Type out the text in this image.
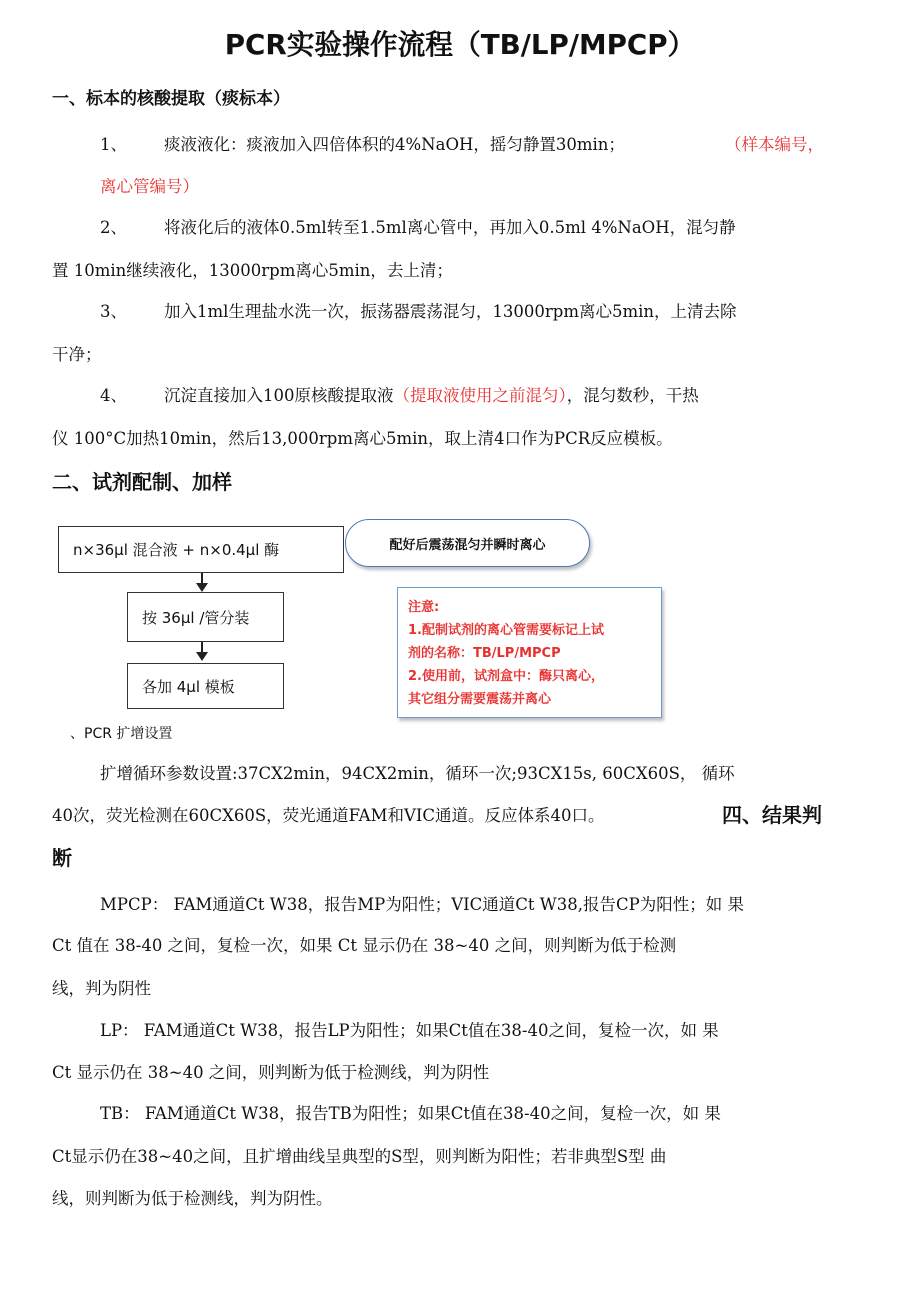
PCR实验操作流程（TB/LP/MPCP）
一、标本的核酸提取（痰标本）
1、 痰液液化：痰液加入四倍体积的4%NaOH，摇匀静置30min；	（样本编号，
离心管编号）
2、 将液化后的液体0.5ml转至1.5ml离心管中，再加入0.5ml 4%NaOH，混匀静
置 10min继续液化，13000rpm离心5min，去上清；
3、 加入1ml生理盐水洗一次，振荡器震荡混匀，13000rpm离心5min，上清去除
干净；
4、 沉淀直接加入100原核酸提取液（提取液使用之前混匀），混匀数秒，干热
仪 100°C加热10min，然后13,000rpm离心5min，取上清4口作为PCR反应模板。
二、试剂配制、加样
n×36μl 混合液 + n×0.4μl 酶	配好后震荡混匀并瞬时离心
按 36μl /管分装
各加 4μl 模板
注意:
1.配制试剂的离心管需要标记上试
剂的名称：TB/LP/MPCP
2.使用前，试剂盒中：酶只离心，
其它组分需要震荡并离心
、PCR 扩增设置
扩增循环参数设置:37CX2min，94CX2min，循环一次;93CX15s, 60CX60S， 循环
40次，荧光检测在60CX60S，荧光通道FAM和VIC通道。反应体系40口。	四、结果判
断
MPCP： FAM通道Ct W38，报告MP为阳性；VIC通道Ct W38,报告CP为阳性；如 果
Ct 值在 38-40 之间，复检一次，如果 Ct 显示仍在 38~40 之间，则判断为低于检测
线，判为阴性
LP： FAM通道Ct W38，报告LP为阳性；如果Ct值在38-40之间，复检一次，如 果
Ct 显示仍在 38~40 之间，则判断为低于检测线，判为阴性
TB： FAM通道Ct W38，报告TB为阳性；如果Ct值在38-40之间，复检一次，如 果
Ct显示仍在38~40之间，且扩增曲线呈典型的S型，则判断为阳性；若非典型S型 曲
线，则判断为低于检测线，判为阴性。
